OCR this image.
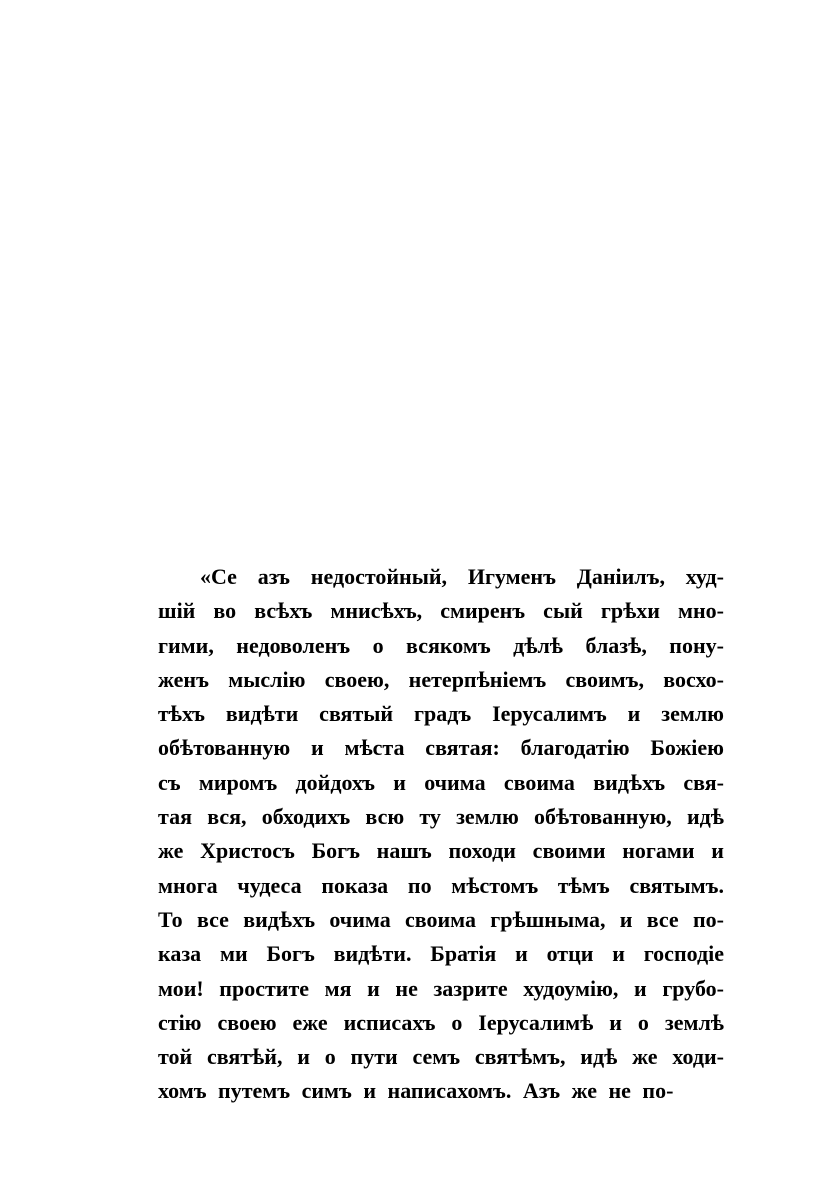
«Се азъ недостойный, Игуменъ Даніилъ, худ-
шій во всѣхъ мнисѣхъ, смиренъ сый грѣхи мно-
гими, недоволенъ о всякомъ дѣлѣ блазѣ, пону-
женъ мыслію своею, нетерпѣніемъ своимъ, восхо-
тѣхъ видѣти святый градъ Іерусалимъ и землю
обѣтованную и мѣста святая: благодатію Божіею
съ миромъ дойдохъ и очима своима видѣхъ свя-
тая вся, обходихъ всю ту землю обѣтованную, идѣ
же Христосъ Богъ нашъ походи своими ногами и
многа чудеса показа по мѣстомъ тѣмъ святымъ.
То все видѣхъ очима своима грѣшныма, и все по-
каза ми Богъ видѣти. Братія и отци и господіе
мои! простите мя и не зазрите худоумію, и грубо-
стію своею еже исписахъ о Іерусалимѣ и о землѣ
той святѣй, и о пути семъ святѣмъ, идѣ же ходи-
хомъ путемъ симъ и написахомъ. Азъ же не по-
